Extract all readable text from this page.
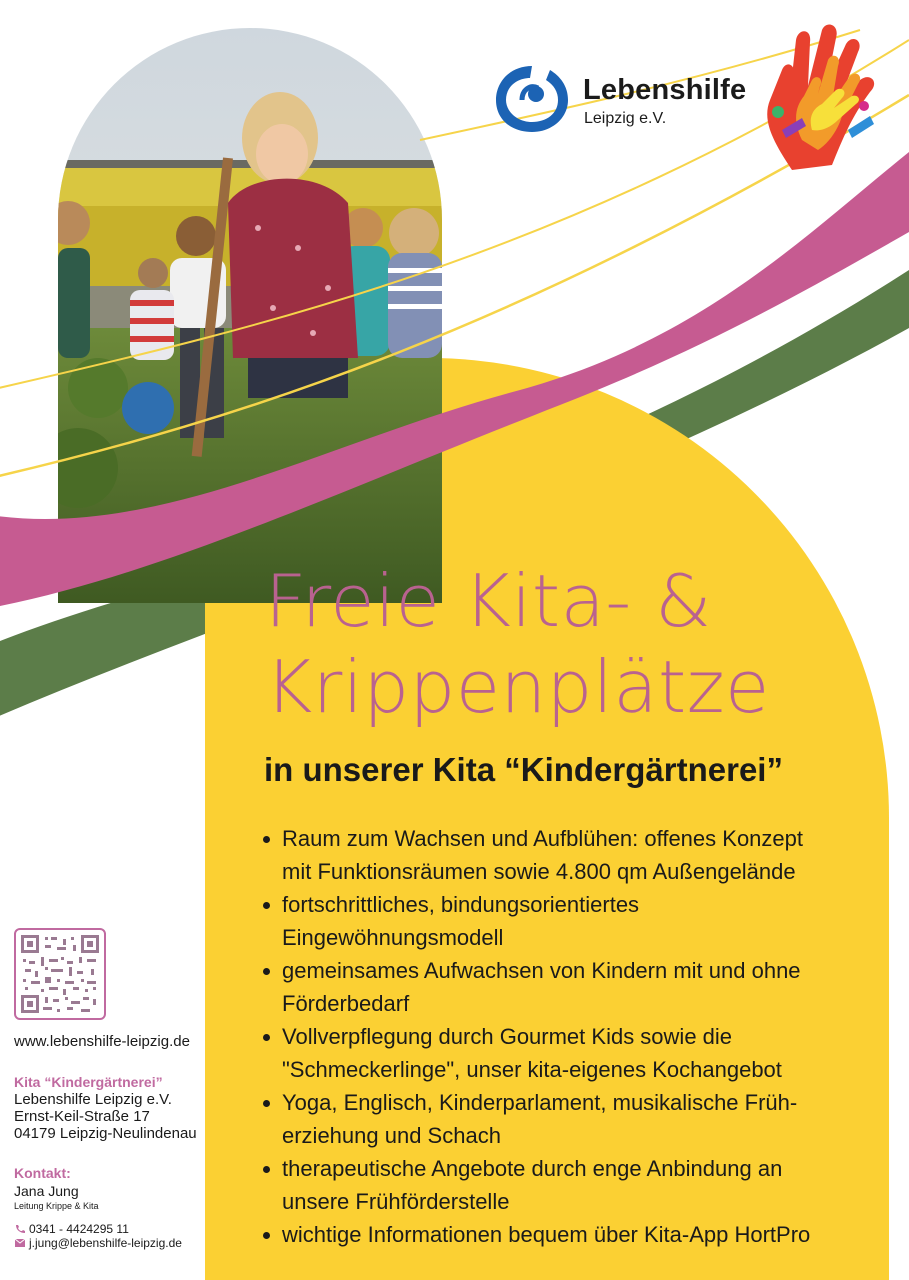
Lebenshilfe
Leipzig e.V.
Freie Kita- &
Krippenplätze
in unserer Kita “Kindergärtnerei”
Raum zum Wachsen und Aufblühen: offenes Konzept
mit Funktionsräumen sowie 4.800 qm Außengelände
fortschrittliches, bindungsorientiertes
Eingewöhnungsmodell
gemeinsames Aufwachsen von Kindern mit und ohne
Förderbedarf
Vollverpflegung durch Gourmet Kids sowie die
"Schmeckerlinge", unser kita-eigenes Kochangebot
Yoga, Englisch, Kinderparlament, musikalische Früh-
erziehung und Schach
therapeutische Angebote durch enge Anbindung an
unsere Frühförderstelle
wichtige Informationen bequem über Kita-App HortPro

www.lebenshilfe-leipzig.de

Kita “Kindergärtnerei”

Lebenshilfe Leipzig e.V.

Ernst-Keil-Straße 17

04179 Leipzig-Neulindenau

Kontakt:

Jana Jung

Leitung Krippe & Kita

0341 - 4424295 11

j.jung@lebenshilfe-leipzig.de
